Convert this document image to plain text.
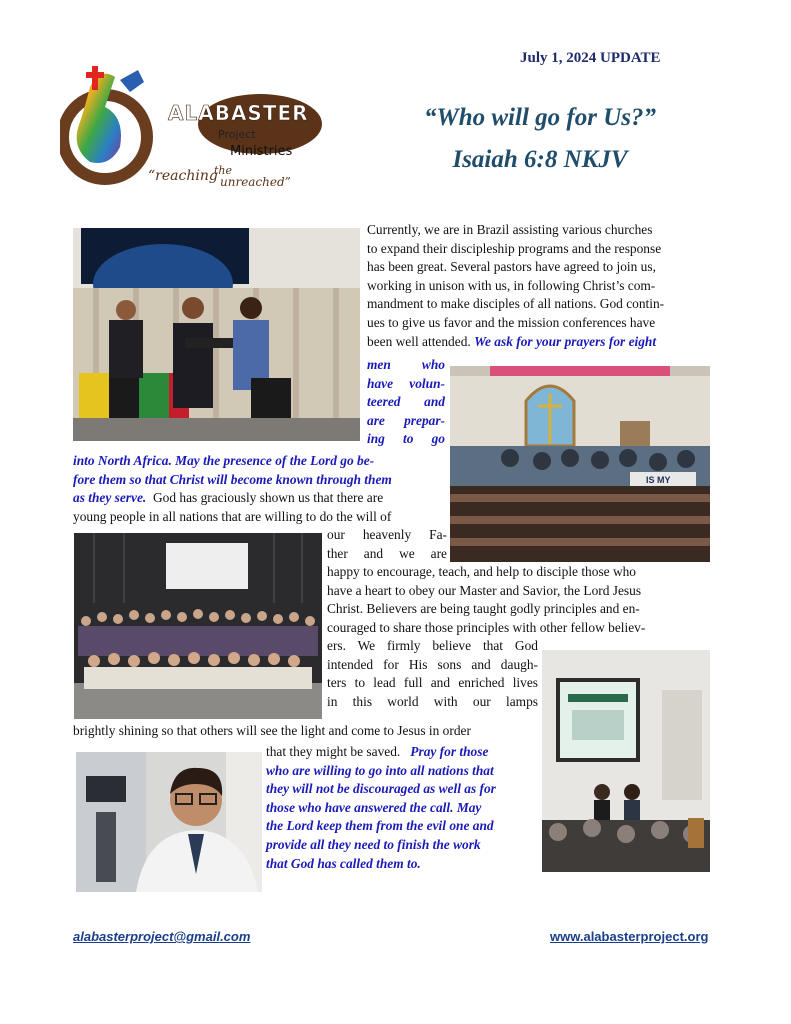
July 1, 2024 UPDATE
ALABASTER
Project
Ministries
“reaching
the
unreached”
“Who will go for Us?”
Isaiah 6:8 NKJV
IS MY
Currently, we are in Brazil assisting various churches
to expand their discipleship programs and the response
has been great. Several pastors have agreed to join us,
working in unison with us, in following Christ’s com-
mandment to make disciples of all nations. God contin-
ues to give us favor and the mission conferences have
been well attended. We ask for your prayers for eight
men who
have volun-
teered and
are prepar-
ing to go
into North Africa. May the presence of the Lord go be-
fore them so that Christ will become known through them
as they serve. God has graciously shown us that there are
young people in all nations that are willing to do the will of
our heavenly Fa-
ther and we are
happy to encourage, teach, and help to disciple those who
have a heart to obey our Master and Savior, the Lord Jesus
Christ. Believers are being taught godly principles and en-
couraged to share those principles with other fellow believ-
ers. We firmly believe that God
intended for His sons and daugh-
ters to lead full and enriched lives
in this world with our lamps
brightly shining so that others will see the light and come to Jesus in order
that they might be saved. Pray for those
who are willing to go into all nations that
they will not be discouraged as well as for
those who have answered the call. May
the Lord keep them from the evil one and
provide all they need to finish the work
that God has called them to.
alabasterproject@gmail.com	www.alabasterproject.org
